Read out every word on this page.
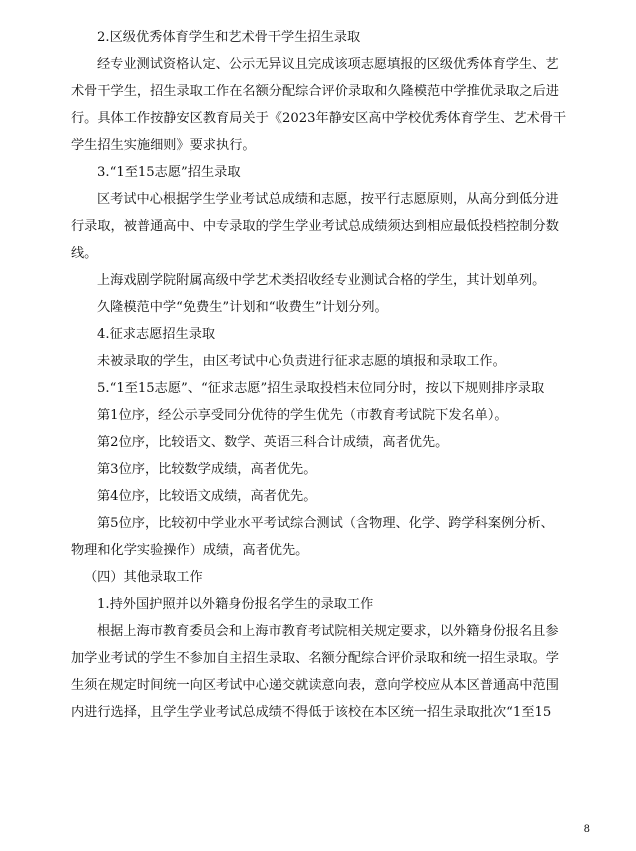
2.区级优秀体育学生和艺术骨干学生招生录取
经专业测试资格认定、公示无异议且完成该项志愿填报的区级优秀体育学生、艺
术骨干学生，招生录取工作在名额分配综合评价录取和久隆模范中学推优录取之后进
行。具体工作按静安区教育局关于《2023年静安区高中学校优秀体育学生、艺术骨干
学生招生实施细则》要求执行。
3.“1至15志愿”招生录取
区考试中心根据学生学业考试总成绩和志愿，按平行志愿原则，从高分到低分进
行录取，被普通高中、中专录取的学生学业考试总成绩须达到相应最低投档控制分数
线。
上海戏剧学院附属高级中学艺术类招收经专业测试合格的学生，其计划单列。
久隆模范中学“免费生”计划和“收费生”计划分列。
4.征求志愿招生录取
未被录取的学生，由区考试中心负责进行征求志愿的填报和录取工作。
5.“1至15志愿”、“征求志愿”招生录取投档末位同分时，按以下规则排序录取
第1位序，经公示享受同分优待的学生优先（市教育考试院下发名单）。
第2位序，比较语文、数学、英语三科合计成绩，高者优先。
第3位序，比较数学成绩，高者优先。
第4位序，比较语文成绩，高者优先。
第5位序，比较初中学业水平考试综合测试（含物理、化学、跨学科案例分析、
物理和化学实验操作）成绩，高者优先。
（四）其他录取工作
1.持外国护照并以外籍身份报名学生的录取工作
根据上海市教育委员会和上海市教育考试院相关规定要求，以外籍身份报名且参
加学业考试的学生不参加自主招生录取、名额分配综合评价录取和统一招生录取。学
生须在规定时间统一向区考试中心递交就读意向表，意向学校应从本区普通高中范围
内进行选择，且学生学业考试总成绩不得低于该校在本区统一招生录取批次“1至15
8
